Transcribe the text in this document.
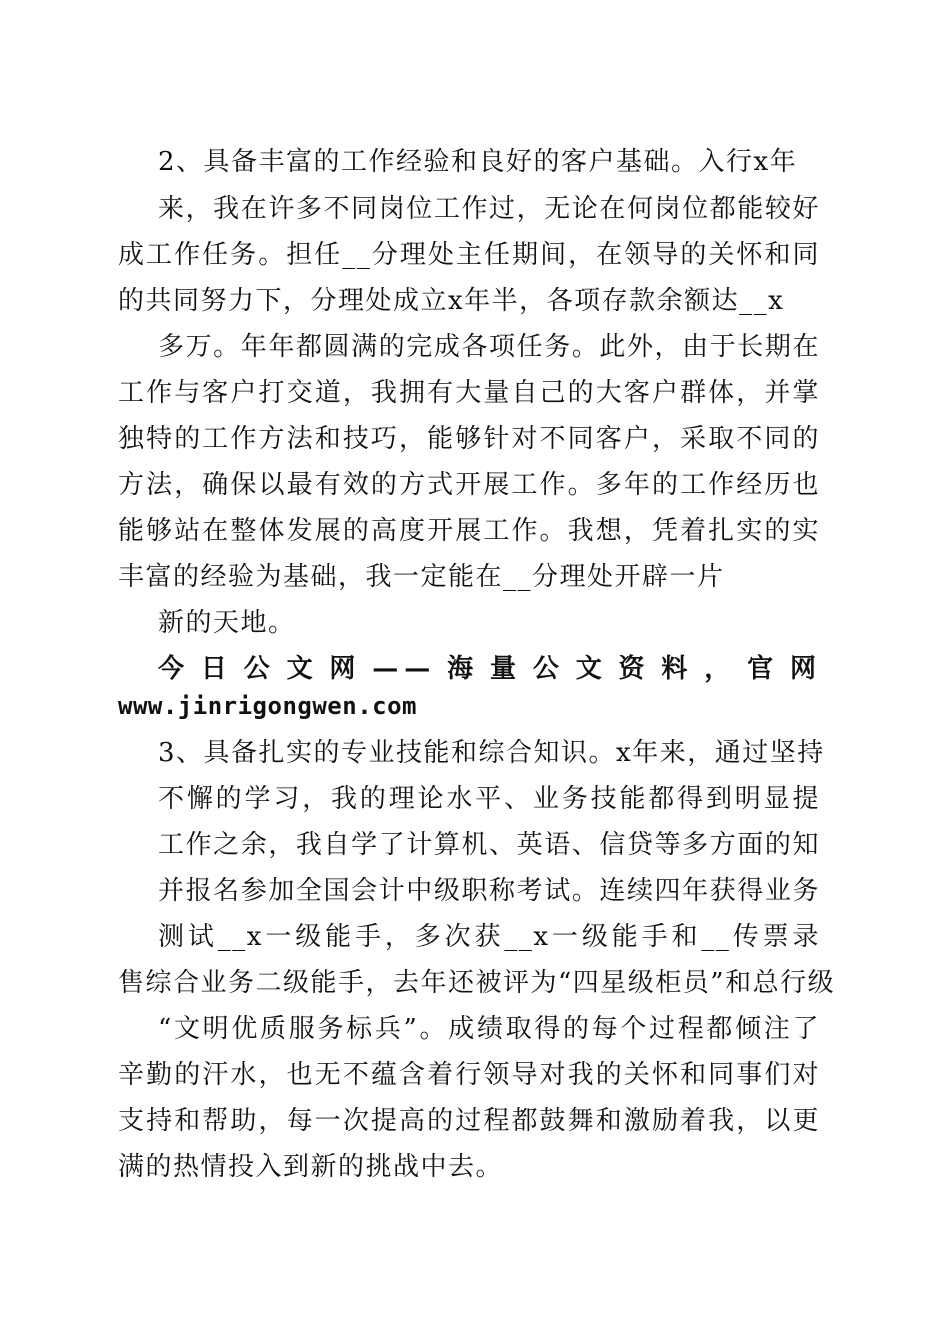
2、具备丰富的工作经验和良好的客户基础。入行x年
来，我在许多不同岗位工作过，无论在何岗位都能较好
成工作任务。担任__分理处主任期间，在领导的关怀和同
的共同努力下，分理处成立x年半，各项存款余额达__x
多万。年年都圆满的完成各项任务。此外，由于长期在
工作与客户打交道，我拥有大量自己的大客户群体，并掌
独特的工作方法和技巧，能够针对不同客户，采取不同的
方法，确保以最有效的方式开展工作。多年的工作经历也
能够站在整体发展的高度开展工作。我想，凭着扎实的实
丰富的经验为基础，我一定能在__分理处开辟一片
新的天地。
今日公文网——海量公文资料，官网
www.jinrigongwen.com
3、具备扎实的专业技能和综合知识。x年来，通过坚持
不懈的学习，我的理论水平、业务技能都得到明显提
工作之余，我自学了计算机、英语、信贷等多方面的知
并报名参加全国会计中级职称考试。连续四年获得业务
测试__x一级能手，多次获__x一级能手和__传票录
售综合业务二级能手，去年还被评为“四星级柜员”和总行级
“文明优质服务标兵”。成绩取得的每个过程都倾注了
辛勤的汗水，也无不蕴含着行领导对我的关怀和同事们对
支持和帮助，每一次提高的过程都鼓舞和激励着我，以更
满的热情投入到新的挑战中去。
